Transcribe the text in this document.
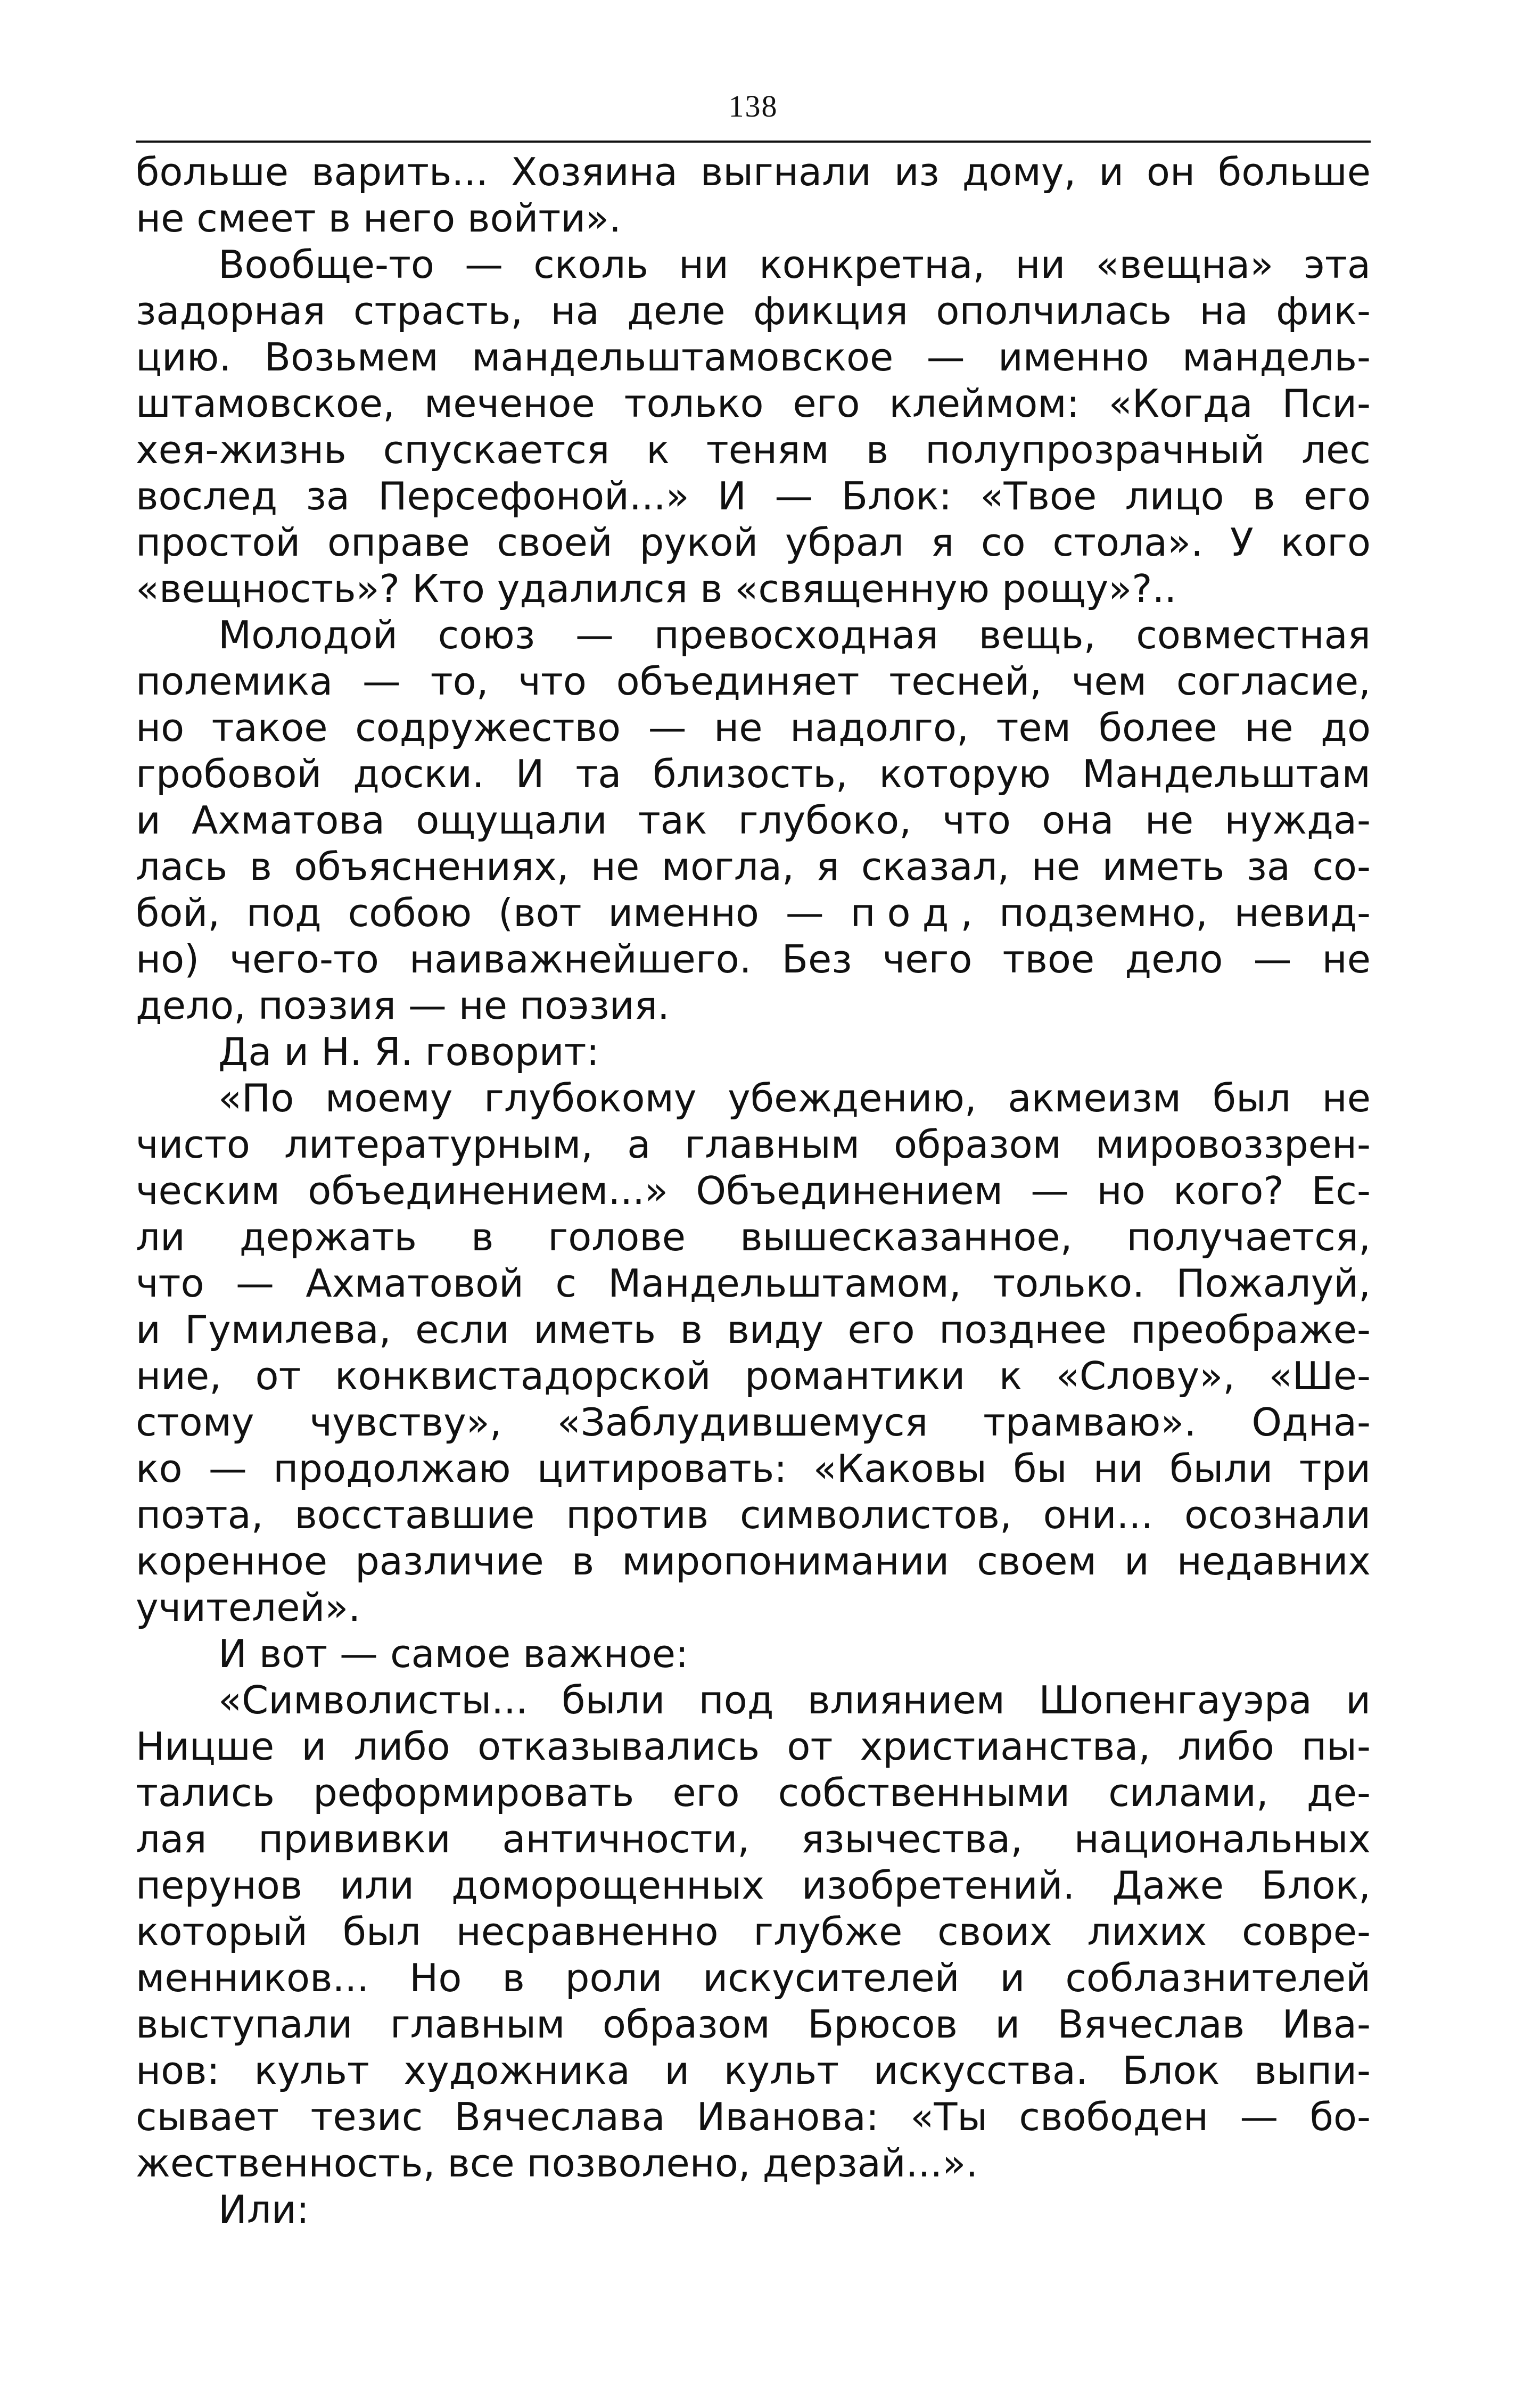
138
больше варить... Хозяина выгнали из дому, и он больше
не смеет в него войти».
Вообще-то — сколь ни конкретна, ни «вещна» эта
задорная страсть, на деле фикция ополчилась на фик-
цию. Возьмем мандельштамовское — именно мандель-
штамовское, меченое только его клеймом: «Когда Пси-
хея-жизнь спускается к теням в полупрозрачный лес
вослед за Персефоной...» И — Блок: «Твое лицо в его
простой оправе своей рукой убрал я со стола». У кого
«вещность»? Кто удалился в «священную рощу»?..
Молодой союз — превосходная вещь, совместная
полемика — то, что объединяет тесней, чем согласие,
но такое содружество — не надолго, тем более не до
гробовой доски. И та близость, которую Мандельштам
и Ахматова ощущали так глубоко, что она не нужда-
лась в объяснениях, не могла, я сказал, не иметь за со-
бой, под собою (вот именно — под, подземно, невид-
но) чего-то наиважнейшего. Без чего твое дело — не
дело, поэзия — не поэзия.
Да и Н. Я. говорит:
«По моему глубокому убеждению, акмеизм был не
чисто литературным, а главным образом мировоззрен-
ческим объединением...» Объединением — но кого? Ес-
ли держать в голове вышесказанное, получается,
что — Ахматовой с Мандельштамом, только. Пожалуй,
и Гумилева, если иметь в виду его позднее преображе-
ние, от конквистадорской романтики к «Слову», «Ше-
стому чувству», «Заблудившемуся трамваю». Одна-
ко — продолжаю цитировать: «Каковы бы ни были три
поэта, восставшие против символистов, они... осознали
коренное различие в миропонимании своем и недавних
учителей».
И вот — самое важное:
«Символисты... были под влиянием Шопенгауэра и
Ницше и либо отказывались от христианства, либо пы-
тались реформировать его собственными силами, де-
лая прививки античности, язычества, национальных
перунов или доморощенных изобретений. Даже Блок,
который был несравненно глубже своих лихих совре-
менников... Но в роли искусителей и соблазнителей
выступали главным образом Брюсов и Вячеслав Ива-
нов: культ художника и культ искусства. Блок выпи-
сывает тезис Вячеслава Иванова: «Ты свободен — бо-
жественность, все позволено, дерзай...».
Или:
